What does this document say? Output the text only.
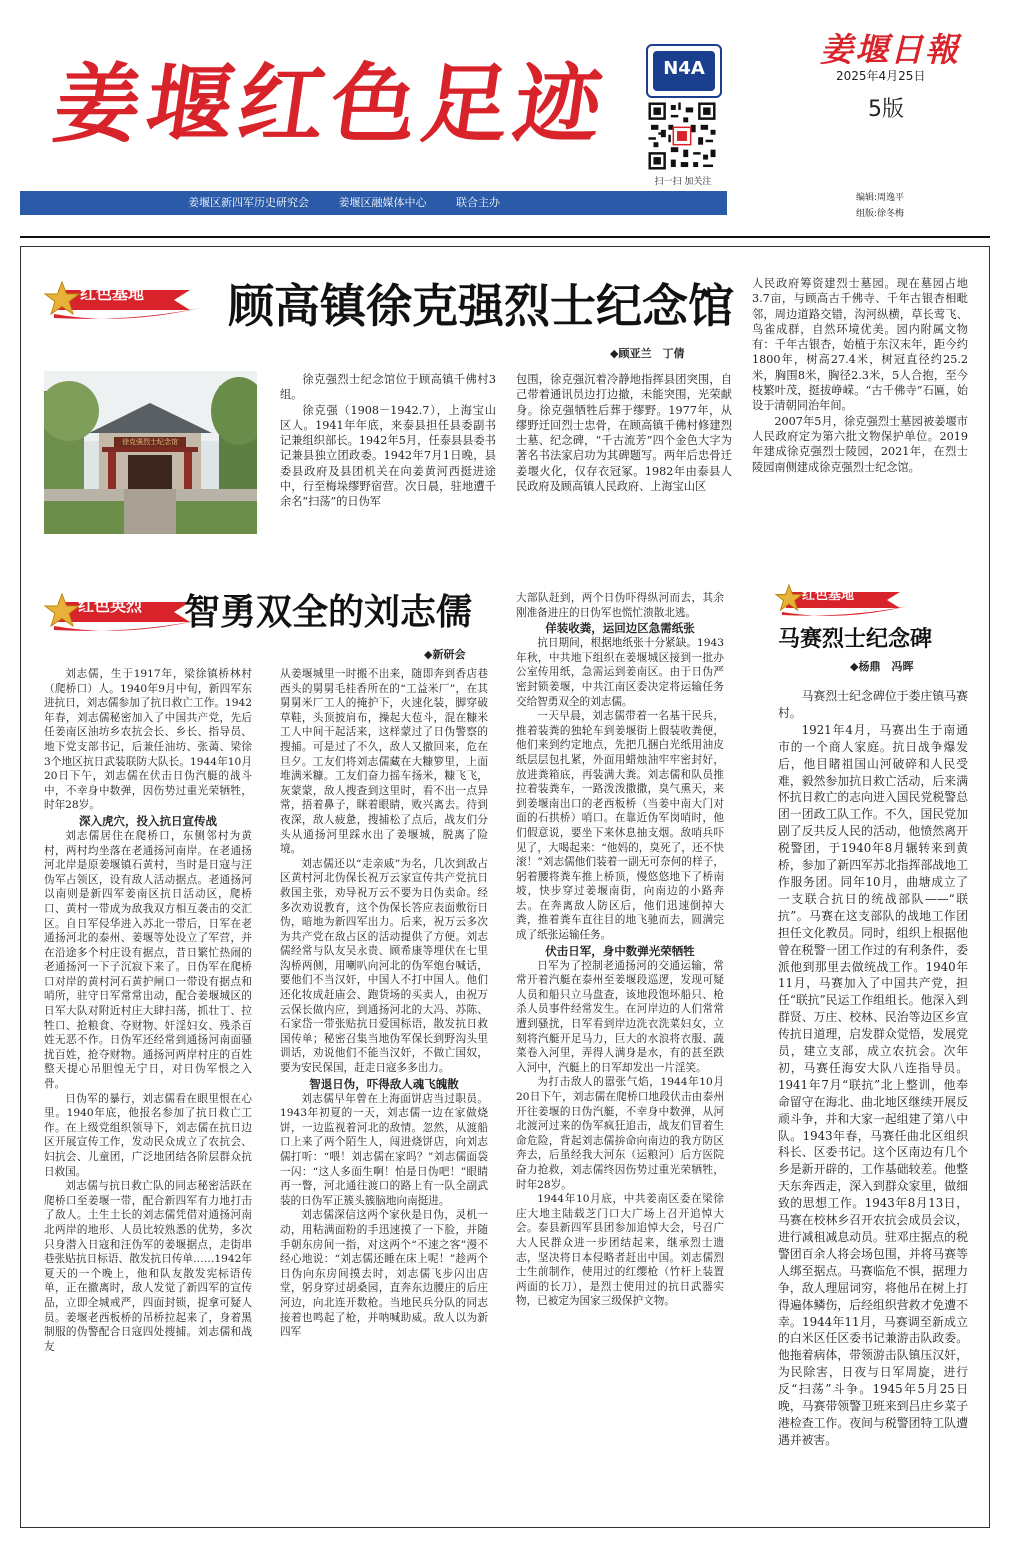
姜堰红色足迹	N4A
扫一扫 加关注
姜堰日報
2025年4月25日
5版
姜堰区新四军历史研究会	姜堰区融媒体中心	联合主办	编辑:周逸平
组版:徐冬梅
红色基地 顾高镇徐克强烈士纪念馆
◆顾亚兰　丁倩
徐克强烈士纪念馆

徐克强烈士纪念馆位于顾高镇千佛村3组。

徐克强（1908－1942.7），上海宝山区人。1941年年底，来泰县担任县委副书记兼组织部长。1942年5月，任泰县县委书记兼县独立团政委。1942年7月1日晚，县委县政府及县团机关在向姜黄河西挺进途中，行至梅垛缪野宿营。次日晨，驻地遭千余名“扫荡”的日伪军

包围，徐克强沉着冷静地指挥县团突围，自己带着通讯员边打边撤，未能突围，光荣献身。徐克强牺牲后葬于缪野。1977年，从缪野迁回烈士忠骨，在顾高镇千佛村修建烈士墓、纪念碑，“千古流芳”四个金色大字为著名书法家启功为其碑题写。两年后忠骨迁姜堰火化，仅存衣冠冢。1982年由泰县人民政府及顾高镇人民政府、上海宝山区

人民政府筹资建烈士墓园。现在墓园占地3.7亩，与顾高古千佛寺、千年古银杏相毗邻，周边道路交错，沟河纵横，草长莺飞、鸟雀成群，自然环境优美。园内附属文物有：千年古银杏，始植于东汉末年，距今约1800年，树高27.4米，树冠直径约25.2米，胸围8米，胸径2.3米，5人合抱，至今枝繁叶茂，挺拔峥嵘。“古千佛寺”石匾，始设于清朝同治年间。

2007年5月，徐克强烈士墓园被姜堰市人民政府定为第六批文物保护单位。2019年建成徐克强烈士陵园，2021年，在烈士陵园南侧建成徐克强烈士纪念馆。

红色英烈 智勇双全的刘志儒
◆新研会

刘志儒，生于1917年，梁徐镇桥林村（爬桥口）人。1940年9月中旬，新四军东进抗日，刘志儒参加了抗日救亡工作。1942年春，刘志儒秘密加入了中国共产党，先后任姜南区油坊乡农抗会长、乡长、指导员、地下党支部书记，后兼任油坊、张蔼、梁徐3个地区抗日武装联防大队长。1944年10月20日下午，刘志儒在伏击日伪汽艇的战斗中，不幸身中数弹，因伤势过重光荣牺牲，时年28岁。

深入虎穴，投入抗日宣传战

刘志儒居住在爬桥口，东侧邻村为黄村，两村均坐落在老通扬河南岸。在老通扬河北岸是原姜堰镇石黄村，当时是日寇与汪伪军占领区，设有敌人活动据点。老通扬河以南则是新四军姜南区抗日活动区，爬桥口、黄村一带成为敌我双方相互袭击的交汇区。自日军侵华进入苏北一带后，日军在老通扬河北的泰州、姜堰等处设立了军营，并在沿途多个村庄设有据点，昔日繁忙热闹的老通扬河一下子沉寂下来了。日伪军在爬桥口对岸的黄村河石黄护闸口一带设有据点和哨所，驻守日军常常出动，配合姜堰城区的日军大队对附近村庄大肆扫荡，抓壮丁、拉牲口、抢粮食、夺财物、奸淫妇女、残杀百姓无恶不作。日伪军还经常到通扬河南面骚扰百姓，抢夺财物。通扬河两岸村庄的百姓整天提心吊胆惶无宁日，对日伪军恨之入骨。

日伪军的暴行，刘志儒看在眼里恨在心里。1940年底，他报名参加了抗日救亡工作。在上级党组织领导下，刘志儒在抗日边区开展宣传工作，发动民众成立了农抗会、妇抗会、儿童团，广泛地团结各阶层群众抗日救国。

刘志儒与抗日救亡队的同志秘密活跃在爬桥口至姜堰一带，配合新四军有力地打击了敌人。土生土长的刘志儒凭借对通扬河南北两岸的地形、人员比较熟悉的优势，多次只身潜入日寇和汪伪军的姜堰据点，走街串巷张贴抗日标语、散发抗日传单……1942年夏天的一个晚上，他和队友散发宪标语传单，正在撤离时，敌人发觉了新四军的宣传品，立即全城戒严，四面封锁，捉拿可疑人员。姜堰老西板桥的吊桥拉起来了，身着黑制服的伪警配合日寇四处搜捕。刘志儒和战友

从姜堰城里一时搬不出来，随即奔到香店巷西头的舅舅毛桂香所在的“工益米厂”，在其舅舅米厂工人的掩护下，火速化装，脚穿破草鞋，头顶披肩布，操起大苞斗，混在糠米工人中间干起活来，这样蒙过了日伪警察的搜捕。可是过了不久，敌人又撤回来，危在旦夕。工友们将刘志儒藏在大糠箩里，上面堆满米糠。工友们奋力摇车扬米，糠飞飞，灰蒙蒙，敌人搜查到这里时，看不出一点异常，捂着鼻子，眯着眼睛，败兴离去。待到夜深，敌人疲惫，搜捕松了点后，战友们分头从通扬河里踩水出了姜堰城，脱离了险境。

刘志儒还以“走亲戚”为名，几次到敌占区黄村河北伪保长祝万云家宣传共产党抗日救国主张，劝导祝万云不要为日伪卖命。经多次劝说教育，这个伪保长答应表面敷衍日伪，暗地为新四军出力。后来，祝万云多次为共产党在敌占区的活动提供了方便。刘志儒经常与队友吴永贵、顾希康等埋伏在七里沟桥两侧，用喇叭向河北的伪军炮台喊话，要他们不当汉奸，中国人不打中国人。他们还化妆成赶庙会、跑货场的买卖人，由祝万云保长做内应，到通扬河北的大冯、苏陈、石家岱一带张贴抗日爱国标语，散发抗日救国传单；秘密召集当地伪军保长到野沟头里训话，劝说他们不能当汉奸，不做亡国奴，要为安民保国，赶走日寇多多出力。

智退日伪，吓得敌人魂飞魄散

刘志儒早年曾在上海面饼店当过职员。1943年初夏的一天，刘志儒一边在家做烧饼，一边监视着河北的敌情。忽然，从渡船口上来了两个陌生人，闯进烧饼店，向刘志儒打听：“喂！刘志儒在家吗？”刘志儒面袋一闪：“这人多面生啊！怕是日伪吧！”眼睛再一瞥，河北通往渡口的路上有一队全副武装的日伪军正簇头簇脑地向南挺进。

刘志儒深信这两个家伙是日伪，灵机一动，用粘满面粉的手迅速摸了一下脸，并随手朝东房间一指，对这两个“不速之客”漫不经心地说：“刘志儒还睡在床上呢！”趁两个日伪向东房间摸去时，刘志儒飞步闪出店堂，躬身穿过胡桑园，直奔东边腰庄的后庄河边，向北连开数枪。当地民兵分队的同志接着也鸣起了枪，并呐喊助威。敌人以为新四军

大部队赶到，两个日伪吓得纵河而去，其余刚准备进庄的日伪军也慌忙溃散北逃。

佯装收粪，运回边区急需纸张

抗日期间，根据地纸张十分紧缺。1943年秋，中共地下组织在姜堰城区接到一批办公室传用纸，急需运到姜南区。由于日伪严密封锁姜堰，中共江南区委决定将运输任务交给智勇双全的刘志儒。

一天早晨，刘志儒带着一名基干民兵，推着装粪的独轮车到姜堰街上假装收粪便，他们来到约定地点，先把几捆白光纸用油皮纸层层包扎紧，外面用蜡烛油牢牢密封好，放进粪箱底，再装满大粪。刘志儒和队员推拉着装粪车，一路泼泼撒撒，臭气熏天，来到姜堰南出口的老西板桥（当姜中南大门对面的石拱桥）哨口。在靠近伪军岗哨时，他们假意说，要坐下来休息抽支烟。敌哨兵吓见了，大喝起来：“他妈的，臭死了，还不快滚！”刘志儒他们装着一副无可奈何的样子，躬着腰将粪车推上桥顶，慢悠悠地下了桥南坡，快步穿过姜堰南街，向南边的小路奔去。在奔离敌人防区后，他们迅速倒掉大粪，推着粪车直往目的地飞驰而去，圆满完成了纸张运输任务。

伏击日军，身中数弹光荣牺牲

日军为了控制老通扬河的交通运输，常常开着汽艇在泰州至姜堰段巡逻，发现可疑人员和船只立马盘查，该地段饱坏船只、枪杀人员事件经常发生。在河岸边的人们常常遭到骚扰，日军看到岸边洗衣洗菜妇女，立刻将汽艇开足马力，巨大的水浪将衣服、蔬菜卷入河里，弄得人满身是水，有的甚至跌入河中，汽艇上的日军却发出一片淫笑。

为打击敌人的嚣张气焰，1944年10月20日下午，刘志儒在爬桥口地段伏击由泰州开往姜堰的日伪汽艇，不幸身中数弹，从河北渡河过来的伪军疯狂追击，战友们冒着生命危险，背起刘志儒拚命向南边的我方防区奔去，后虽经我大河东（运粮河）后方医院奋力抢救，刘志儒终因伤势过重光荣牺牲，时年28岁。

1944年10月底，中共姜南区委在梁徐庄大地主陆载芝门口大广场上召开追悼大会。泰县新四军县团参加追悼大会，号召广大人民群众进一步团结起来，继承烈士遗志，坚决将日本侵略者赶出中国。刘志儒烈士生前制作，使用过的红缨枪（竹杆上装置两面的长刀），是烈士使用过的抗日武器实物，已被定为国家三级保护文物。

红色基地
马赛烈士纪念碑
◆杨鼎　冯晖

马赛烈士纪念碑位于娄庄镇马赛村。

1921年4月，马赛出生于南通市的一个商人家庭。抗日战争爆发后，他目睹祖国山河破碎和人民受难，毅然参加抗日救亡活动，后来满怀抗日救亡的志向进入国民党税警总团一团政工队工作。不久，国民党加剧了反共反人民的活动，他愤然离开税警团，于1940年8月辗转来到黄桥，参加了新四军苏北指挥部战地工作服务团。同年10月，曲塘成立了一支联合抗日的统战部队——“联抗”。马赛在这支部队的战地工作团担任文化教员。同时，组织上根据他曾在税警一团工作过的有利条件，委派他到那里去做统战工作。1940年11月，马赛加入了中国共产党，担任“联抗”民运工作组组长。他深入到群贤、万庄、校林、民治等边区乡宣传抗日道理，启发群众觉悟，发展党员，建立支部，成立农抗会。次年初，马赛任海安大队八连指导员。1941年7月“联抗”北上整训，他奉命留守在海北、曲北地区继续开展反顽斗争，并和大家一起组建了第八中队。1943年春，马赛任曲北区组织科长、区委书记。这个区南边有几个乡是新开辟的，工作基础较差。他整天东奔西走，深入到群众家里，做细致的思想工作。1943年8月13日，马赛在校林乡召开农抗会成员会议，进行减租减息动员。驻邓庄据点的税警团百余人将会场包围，并将马赛等人绑至据点。马赛临危不惧，据理力争，敌人理屈词穷，将他吊在树上打得遍体鳞伤，后经组织营救才免遭不幸。1944年11月，马赛调至新成立的白米区任区委书记兼游击队政委。他拖着病体，带领游击队镇压汉奸，为民除害，日夜与日军周旋，进行反“扫荡”斗争。1945年5月25日晚，马赛带领警卫班来到吕庄乡菜子港检查工作。夜间与税警团特工队遭遇并被害。
